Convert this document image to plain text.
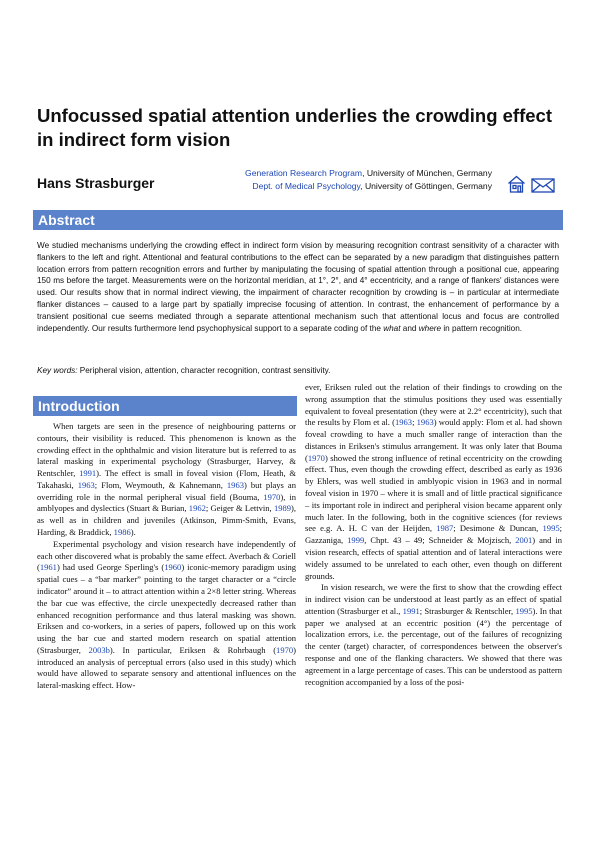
Unfocussed spatial attention underlies the crowding effect in indirect form vision
Hans Strasburger
Generation Research Program, University of München, Germany
Dept. of Medical Psychology, University of Göttingen, Germany
Abstract

We studied mechanisms underlying the crowding effect in indirect form vision by measuring recognition contrast sensitivity of a character with flankers to the left and right. Attentional and featural contributions to the effect can be separated by a new paradigm that distinguishes pattern location errors from pattern recognition errors and further by manipulating the focusing of spatial attention through a positional cue, appearing 150 ms before the target. Measurements were on the horizontal meridian, at 1°, 2°, and 4° eccentricity, and a range of flankers' distances were used. Our results show that in normal indirect viewing, the impairment of character recognition by crowding is – in particular at intermediate flanker distances – caused to a large part by spatially imprecise focusing of attention. In contrast, the enhancement of performance by a transient positional cue seems mediated through a separate attentional mechanism such that attentional locus and focus are controlled independently. Our results furthermore lend psychophysical support to a separate coding of the what and where in pattern recognition.

Key words: Peripheral vision, attention, character recognition, contrast sensitivity.

Introduction

When targets are seen in the presence of neighbouring patterns or contours, their visibility is reduced. This phenomenon is known as the crowding effect in the ophthalmic and vision literature but is referred to as lateral masking in experimental psychology (Strasburger, Harvey, & Rentschler, 1991). The effect is small in foveal vision (Flom, Heath, & Takahaski, 1963; Flom, Weymouth, & Kahnemann, 1963) but plays an overriding role in the normal peripheral visual field (Bouma, 1970), in amblyopes and dyslectics (Stuart & Burian, 1962; Geiger & Lettvin, 1989), as well as in children and juveniles (Atkinson, Pimm-Smith, Evans, Harding, & Braddick, 1986).

Experimental psychology and vision research have independently of each other discovered what is probably the same effect. Averbach & Coriell (1961) had used George Sperling's (1960) iconic-memory paradigm using spatial cues – a “bar marker” pointing to the target character or a “circle indicator” around it – to attract attention within a 2×8 letter string. Whereas the bar cue was effective, the circle unexpectedly decreased rather than enhanced recognition performance and thus lateral masking was shown. Eriksen and co-workers, in a series of papers, followed up on this work using the bar cue and started modern research on spatial attention (Strasburger, 2003b). In particular, Eriksen & Rohrbaugh (1970) introduced an analysis of perceptual errors (also used in this study) which would have allowed to separate sensory and attentional influences on the lateral-masking effect. How-

ever, Eriksen ruled out the relation of their findings to crowding on the wrong assumption that the stimulus positions they used was essentially equivalent to foveal presentation (they were at 2.2° eccentricity), such that the results by Flom et al. (1963; 1963) would apply: Flom et al. had shown foveal crowding to have a much smaller range of interaction than the distances in Eriksen's stimulus arrangement. It was only later that Bouma (1970) showed the strong influence of retinal eccentricity on the crowding effect. Thus, even though the crowding effect, described as early as 1936 by Ehlers, was well studied in amblyopic vision in 1963 and in normal foveal vision in 1970 – where it is small and of little practical significance – its important role in indirect and peripheral vision became apparent only much later. In the following, both in the cognitive sciences (for reviews see e.g. A. H. C van der Heijden, 1987; Desimone & Duncan, 1995; Gazzaniga, 1999, Chpt. 43 – 49; Schneider & Mojzisch, 2001) and in vision research, effects of spatial attention and of lateral interactions were widely assumed to be unrelated to each other, even though on different grounds.

In vision research, we were the first to show that the crowding effect in indirect vision can be understood at least partly as an effect of spatial attention (Strasburger et al., 1991; Strasburger & Rentschler, 1995). In that paper we analysed at an eccentric position (4°) the percentage of localization errors, i.e. the percentage, out of the failures of recognizing the center (target) character, of correspondences between the observer's response and one of the flanking characters. We showed that there was agreement in a large percentage of cases. This can be understood as pattern recognition accompanied by a loss of the posi-
